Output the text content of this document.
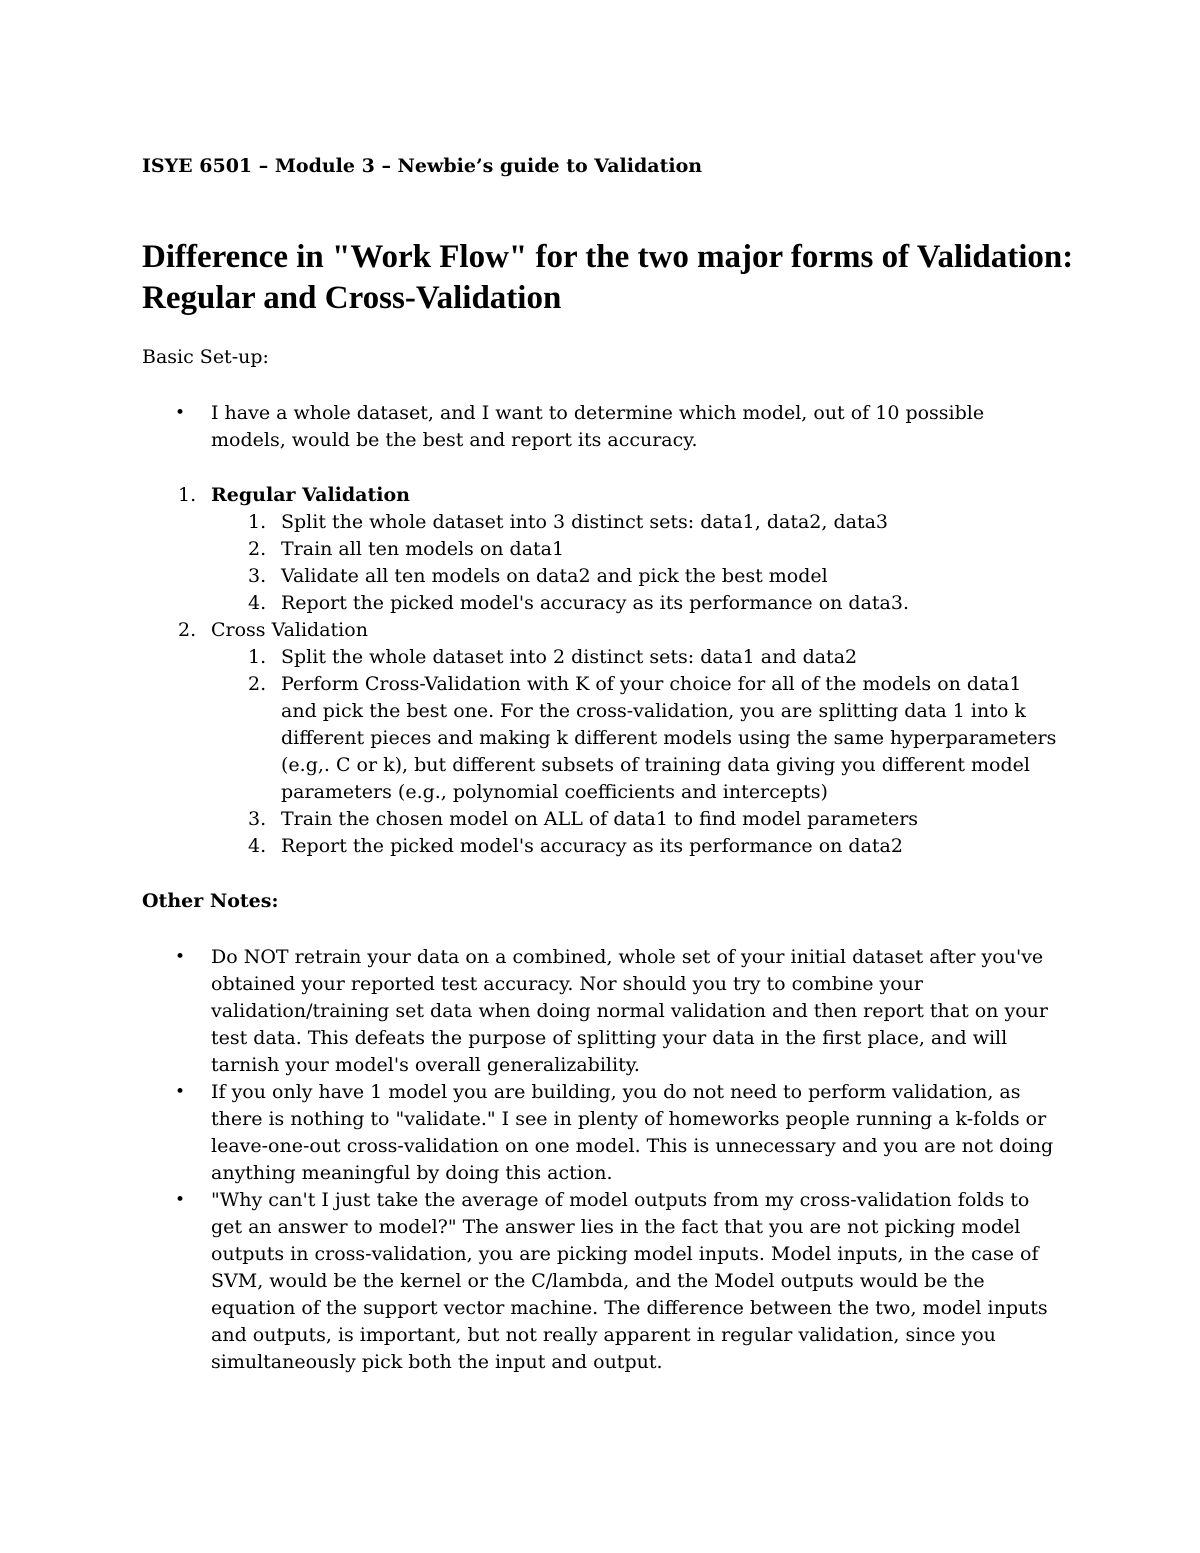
ISYE 6501 – Module 3 – Newbie’s guide to Validation
Difference in "Work Flow" for the two major forms of Validation: Regular and Cross-Validation

Basic Set-up:

• I have a whole dataset, and I want to determine which model, out of 10 possible models, would be the best and report its accuracy.
1. Regular Validation
1. Split the whole dataset into 3 distinct sets: data1, data2, data3
2. Train all ten models on data1
3. Validate all ten models on data2 and pick the best model
4. Report the picked model's accuracy as its performance on data3.
2. Cross Validation
1. Split the whole dataset into 2 distinct sets: data1 and data2
2. Perform Cross-Validation with K of your choice for all of the models on data1 and pick the best one. For the cross-validation, you are splitting data 1 into k different pieces and making k different models using the same hyperparameters (e.g,. C or k), but different subsets of training data giving you different model parameters (e.g., polynomial coefficients and intercepts)
3. Train the chosen model on ALL of data1 to find model parameters
4. Report the picked model's accuracy as its performance on data2

Other Notes:

• Do NOT retrain your data on a combined, whole set of your initial dataset after you've obtained your reported test accuracy. Nor should you try to combine your validation/training set data when doing normal validation and then report that on your test data. This defeats the purpose of splitting your data in the first place, and will tarnish your model's overall generalizability.
• If you only have 1 model you are building, you do not need to perform validation, as there is nothing to "validate." I see in plenty of homeworks people running a k-folds or leave-one-out cross-validation on one model. This is unnecessary and you are not doing anything meaningful by doing this action.
• "Why can't I just take the average of model outputs from my cross-validation folds to get an answer to model?" The answer lies in the fact that you are not picking model outputs in cross-validation, you are picking model inputs. Model inputs, in the case of SVM, would be the kernel or the C/lambda, and the Model outputs would be the equation of the support vector machine. The difference between the two, model inputs and outputs, is important, but not really apparent in regular validation, since you simultaneously pick both the input and output.
